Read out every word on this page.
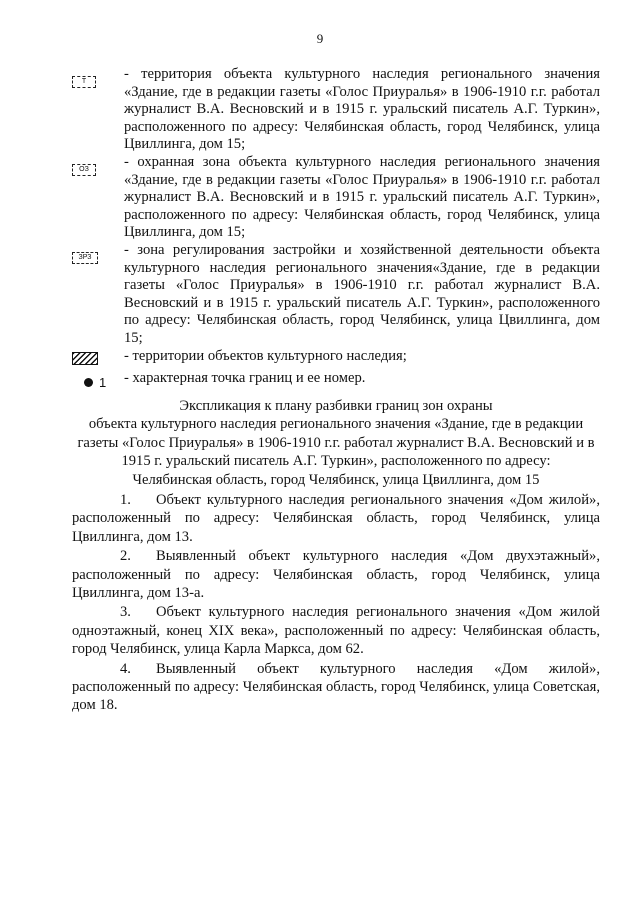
9
Т	- территория объекта культурного наследия регионального значения «Здание, где в редакции газеты «Голос Приуралья» в 1906-1910 г.г. работал журналист В.А. Весновский и в 1915 г. уральский писатель А.Г. Туркин», расположенного по адресу: Челябинская область, город Челябинск, улица Цвиллинга, дом 15;

ОЗ	- охранная зона объекта культурного наследия регионального значения «Здание, где в редакции газеты «Голос Приуралья» в 1906-1910 г.г. работал журналист В.А. Весновский и в 1915 г. уральский писатель А.Г. Туркин», расположенного по адресу: Челябинская область, город Челябинск, улица Цвиллинга, дом 15;

ЗРЗ	- зона регулирования застройки и хозяйственной деятельности объекта культурного наследия регионального значения«Здание, где в редакции газеты «Голос Приуралья» в 1906-1910 г.г. работал журналист В.А. Весновский и в 1915 г. уральский писатель А.Г. Туркин», расположенного по адресу: Челябинская область, город Челябинск, улица Цвиллинга, дом 15;

- территории объектов культурного наследия;

1 - характерная точка границ и ее номер.

Экспликация к плану разбивки границ зон охраны
объекта культурного наследия регионального значения «Здание, где в редакции газеты «Голос Приуралья» в 1906-1910 г.г. работал журналист В.А. Весновский и в 1915 г. уральский писатель А.Г. Туркин», расположенного по адресу:
Челябинская область, город Челябинск, улица Цвиллинга, дом 15

1. Объект культурного наследия регионального значения «Дом жилой», расположенный по адресу: Челябинская область, город Челябинск, улица Цвиллинга, дом 13.
2. Выявленный объект культурного наследия «Дом двухэтажный», расположенный по адресу: Челябинская область, город Челябинск, улица Цвиллинга, дом 13-а.
3. Объект культурного наследия регионального значения «Дом жилой одноэтажный, конец XIX века», расположенный по адресу: Челябинская область, город Челябинск, улица Карла Маркса, дом 62.
4. Выявленный объект культурного наследия «Дом жилой», расположенный по адресу: Челябинская область, город Челябинск, улица Советская, дом 18.
